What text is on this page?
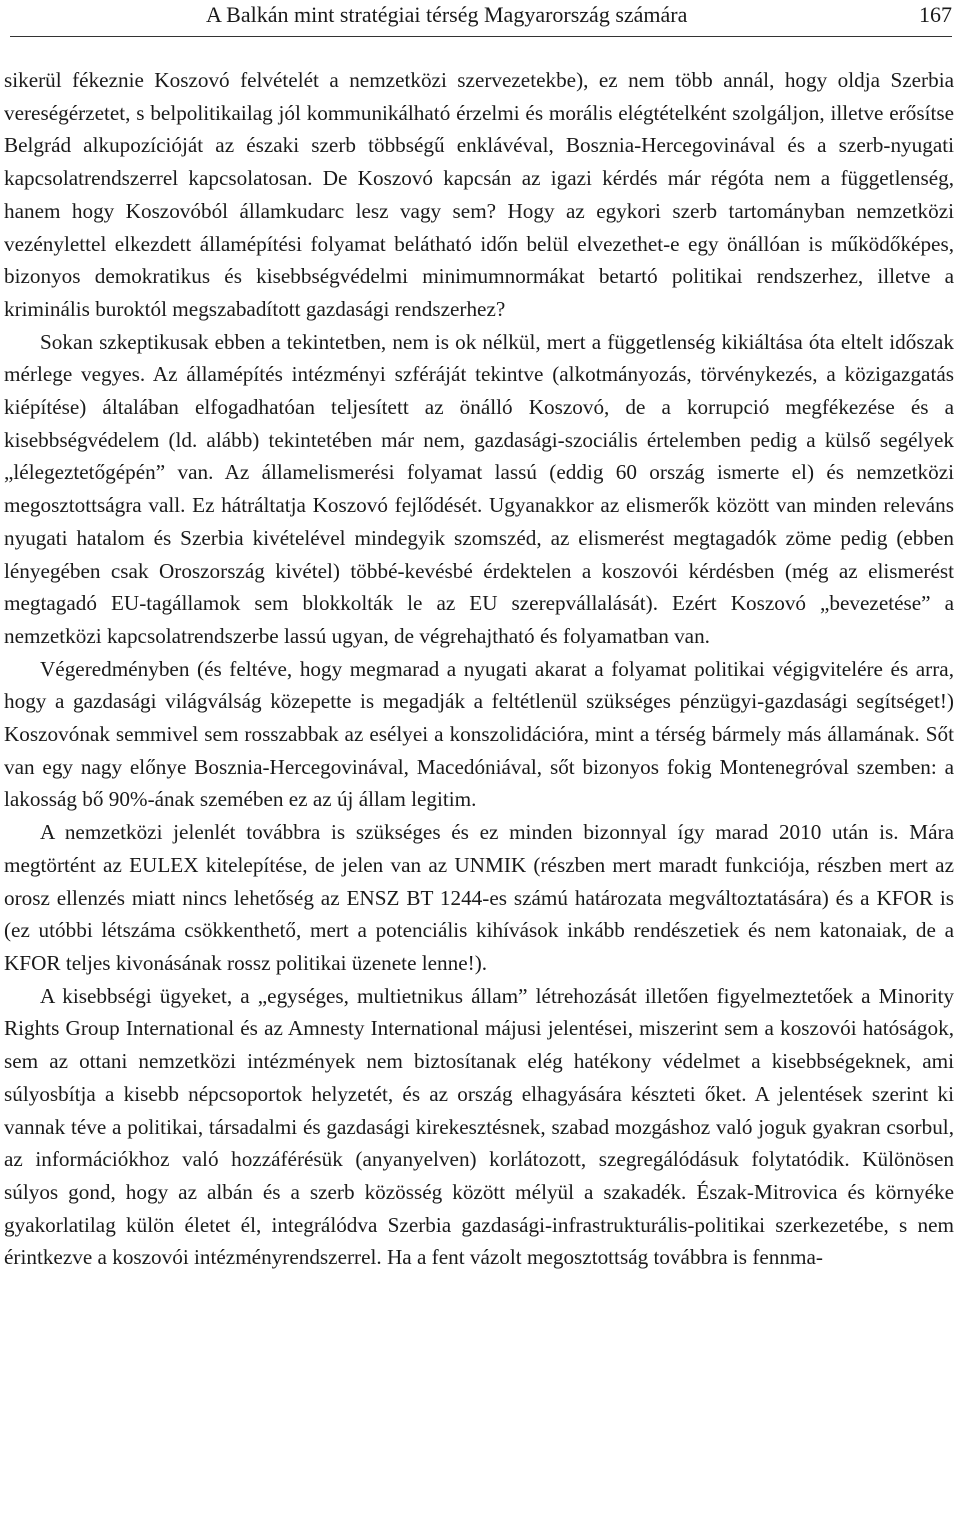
A Balkán mint stratégiai térség Magyarország számára	167

sikerül fékeznie Koszovó felvételét a nemzetközi szervezetekbe), ez nem több annál, hogy oldja Szerbia vereségérzetet, s belpolitikailag jól kommunikálható érzelmi és morális elégtételként szolgáljon, illetve erősítse Belgrád alkupozícióját az északi szerb többségű enklávéval, Bosznia-Hercegovinával és a szerb-nyugati kapcsolatrendszerrel kapcsolatosan. De Koszovó kapcsán az igazi kérdés már régóta nem a függetlenség, hanem hogy Koszovóból államkudarc lesz vagy sem? Hogy az egykori szerb tartományban nemzetközi vezénylettel elkezdett államépítési folyamat belátható időn belül elvezethet-e egy önállóan is működőképes, bizonyos demokratikus és kisebbségvédelmi minimumnormákat betartó politikai rendszerhez, illetve a kriminális buroktól megszabadított gazdasági rendszerhez?

Sokan szkeptikusak ebben a tekintetben, nem is ok nélkül, mert a függetlenség kikiáltása óta eltelt időszak mérlege vegyes. Az államépítés intézményi szféráját tekintve (alkotmányozás, törvénykezés, a közigazgatás kiépítése) általában elfogadhatóan teljesített az önálló Koszovó, de a korrupció megfékezése és a kisebbségvédelem (ld. alább) tekintetében már nem, gazdasági-szociális értelemben pedig a külső segélyek „lélegeztetőgépén” van. Az államelismerési folyamat lassú (eddig 60 ország ismerte el) és nemzetközi megosztottságra vall. Ez hátráltatja Koszovó fejlődését. Ugyanakkor az elismerők között van minden releváns nyugati hatalom és Szerbia kivételével mindegyik szomszéd, az elismerést megtagadók zöme pedig (ebben lényegében csak Oroszország kivétel) többé-kevésbé érdektelen a koszovói kérdésben (még az elismerést megtagadó EU-tagállamok sem blokkolták le az EU szerepvállalását). Ezért Koszovó „bevezetése” a nemzetközi kapcsolatrendszerbe lassú ugyan, de végrehajtható és folyamatban van.

Végeredményben (és feltéve, hogy megmarad a nyugati akarat a folyamat politikai végigvitelére és arra, hogy a gazdasági világválság közepette is megadják a feltétlenül szükséges pénzügyi-gazdasági segítséget!) Koszovónak semmivel sem rosszabbak az esélyei a konszolidációra, mint a térség bármely más államának. Sőt van egy nagy előnye Bosznia-Hercegovinával, Macedóniával, sőt bizonyos fokig Montenegróval szemben: a lakosság bő 90%-ának szemében ez az új állam legitim.

A nemzetközi jelenlét továbbra is szükséges és ez minden bizonnyal így marad 2010 után is. Mára megtörtént az EULEX kitelepítése, de jelen van az UNMIK (részben mert maradt funkciója, részben mert az orosz ellenzés miatt nincs lehetőség az ENSZ BT 1244-es számú határozata megváltoztatására) és a KFOR is (ez utóbbi létszáma csökkenthető, mert a potenciális kihívások inkább rendészetiek és nem katonaiak, de a KFOR teljes kivonásának rossz politikai üzenete lenne!).

A kisebbségi ügyeket, a „egységes, multietnikus állam” létrehozását illetően figyelmeztetőek a Minority Rights Group International és az Amnesty International májusi jelentései, miszerint sem a koszovói hatóságok, sem az ottani nemzetközi intézmények nem biztosítanak elég hatékony védelmet a kisebbségeknek, ami súlyosbítja a kisebb népcsoportok helyzetét, és az ország elhagyására készteti őket. A jelentések szerint ki vannak téve a politikai, társadalmi és gazdasági kirekesztésnek, szabad mozgáshoz való joguk gyakran csorbul, az információkhoz való hozzáférésük (anyanyelven) korlátozott, szegregálódásuk folytatódik. Különösen súlyos gond, hogy az albán és a szerb közösség között mélyül a szakadék. Észak-Mitrovica és környéke gyakorlatilag külön életet él, integrálódva Szerbia gazdasági-infrastrukturális-politikai szerkezetébe, s nem érintkezve a koszovói intézményrendszerrel. Ha a fent vázolt megosztottság továbbra is fennma-
